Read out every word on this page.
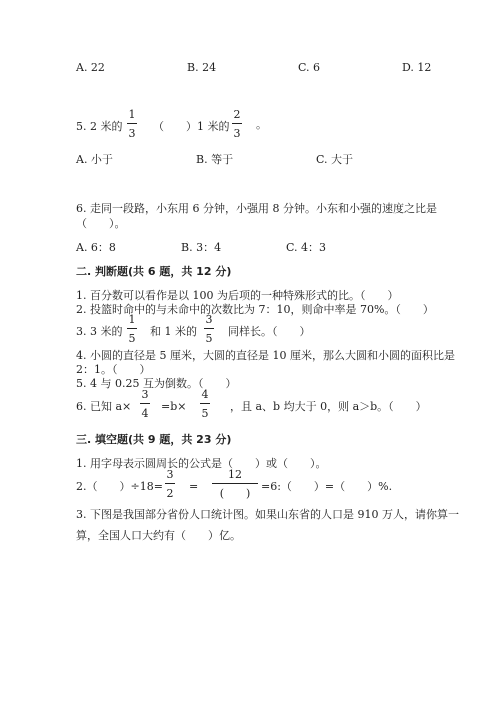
A. 22	B. 24	C. 6	D. 12
5. 2 米的
1
3
（　　）1 米的
2
3
。
A. 小于	B. 等于	C. 大于
6. 走同一段路，小东用 6 分钟，小强用 8 分钟。小东和小强的速度之比是
（　　）。
A. 6：8	B. 3：4	C. 4：3
二. 判断题(共 6 题，共 12 分)
1. 百分数可以看作是以 100 为后项的一种特殊形式的比。（　　）
2. 投篮时命中的与未命中的次数比为 7：10，则命中率是 70%。（　　）
3. 3 米的
1
5
和 1 米的
3
5
同样长。（　　）
4. 小圆的直径是 5 厘米，大圆的直径是 10 厘米，那么大圆和小圆的面积比是
2：1。（　　）
5. 4 与 0.25 互为倒数。（　　）
6. 已知 a×
3
4
=b×
4
5
，且 a、b 均大于 0，则 a＞b。（　　）
三. 填空题(共 9 题，共 23 分)
1. 用字母表示圆周长的公式是（　　）或（　　）。
2.（　　）÷18=
3
2
=
12
(　　)
=6:（　　）=（　　）%.
3. 下图是我国部分省份人口统计图。如果山东省的人口是 910 万人，请你算一
算，全国人口大约有（　　）亿。
